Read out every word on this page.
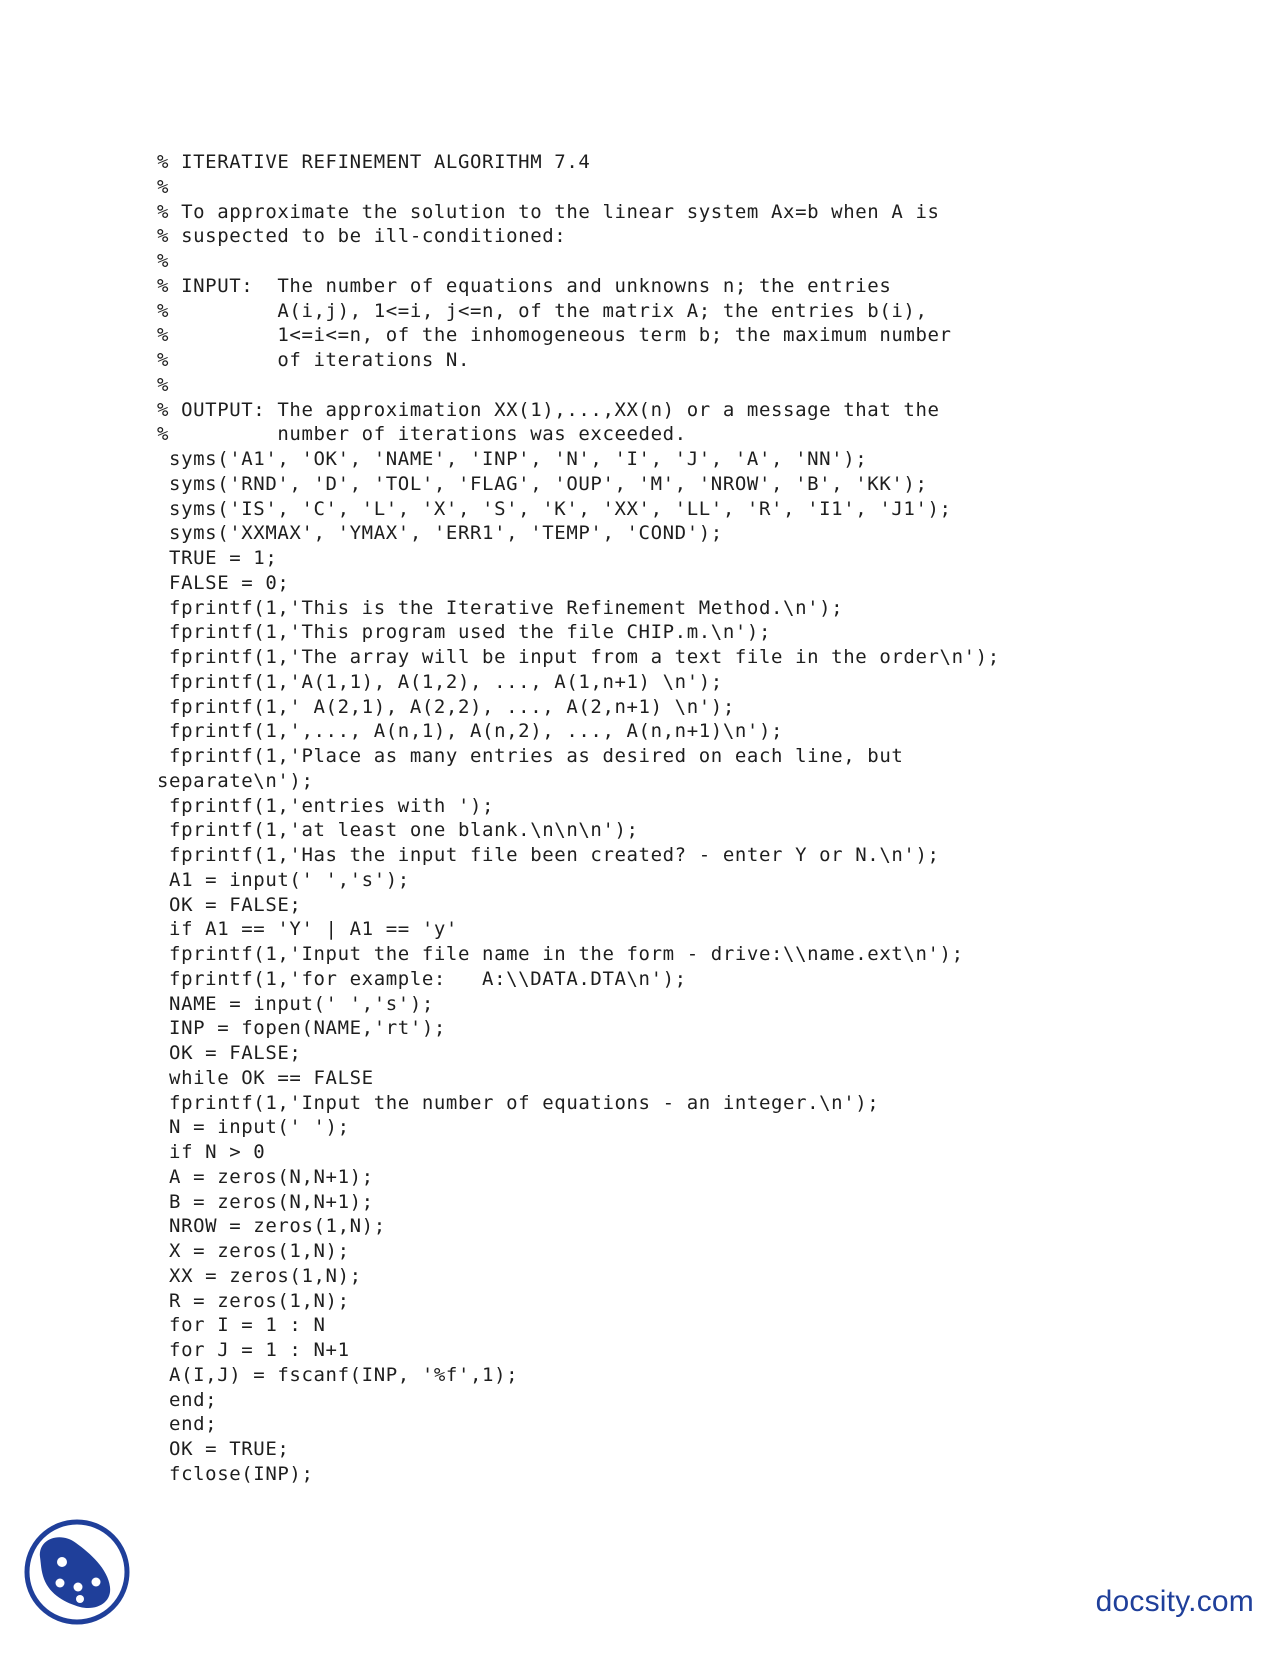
% ITERATIVE REFINEMENT ALGORITHM 7.4
%
% To approximate the solution to the linear system Ax=b when A is
% suspected to be ill-conditioned:
%
% INPUT:  The number of equations and unknowns n; the entries
%         A(i,j), 1<=i, j<=n, of the matrix A; the entries b(i),
%         1<=i<=n, of the inhomogeneous term b; the maximum number
%         of iterations N.
%
% OUTPUT: The approximation XX(1),...,XX(n) or a message that the
%         number of iterations was exceeded.
syms('A1', 'OK', 'NAME', 'INP', 'N', 'I', 'J', 'A', 'NN');
syms('RND', 'D', 'TOL', 'FLAG', 'OUP', 'M', 'NROW', 'B', 'KK');
syms('IS', 'C', 'L', 'X', 'S', 'K', 'XX', 'LL', 'R', 'I1', 'J1');
syms('XXMAX', 'YMAX', 'ERR1', 'TEMP', 'COND');
TRUE = 1;
FALSE = 0;
fprintf(1,'This is the Iterative Refinement Method.\n');
fprintf(1,'This program used the file CHIP.m.\n');
fprintf(1,'The array will be input from a text file in the order\n');
fprintf(1,'A(1,1), A(1,2), ..., A(1,n+1) \n');
fprintf(1,' A(2,1), A(2,2), ..., A(2,n+1) \n');
fprintf(1,',..., A(n,1), A(n,2), ..., A(n,n+1)\n');
fprintf(1,'Place as many entries as desired on each line, but
separate\n');
fprintf(1,'entries with ');
fprintf(1,'at least one blank.\n\n\n');
fprintf(1,'Has the input file been created? - enter Y or N.\n');
A1 = input(' ','s');
OK = FALSE;
if A1 == 'Y' | A1 == 'y'
fprintf(1,'Input the file name in the form - drive:\\name.ext\n');
fprintf(1,'for example:   A:\\DATA.DTA\n');
NAME = input(' ','s');
INP = fopen(NAME,'rt');
OK = FALSE;
while OK == FALSE
fprintf(1,'Input the number of equations - an integer.\n');
N = input(' ');
if N > 0
A = zeros(N,N+1);
B = zeros(N,N+1);
NROW = zeros(1,N);
X = zeros(1,N);
XX = zeros(1,N);
R = zeros(1,N);
for I = 1 : N
for J = 1 : N+1
A(I,J) = fscanf(INP, '%f',1);
end;
end;
OK = TRUE;
fclose(INP);
docsity.com
